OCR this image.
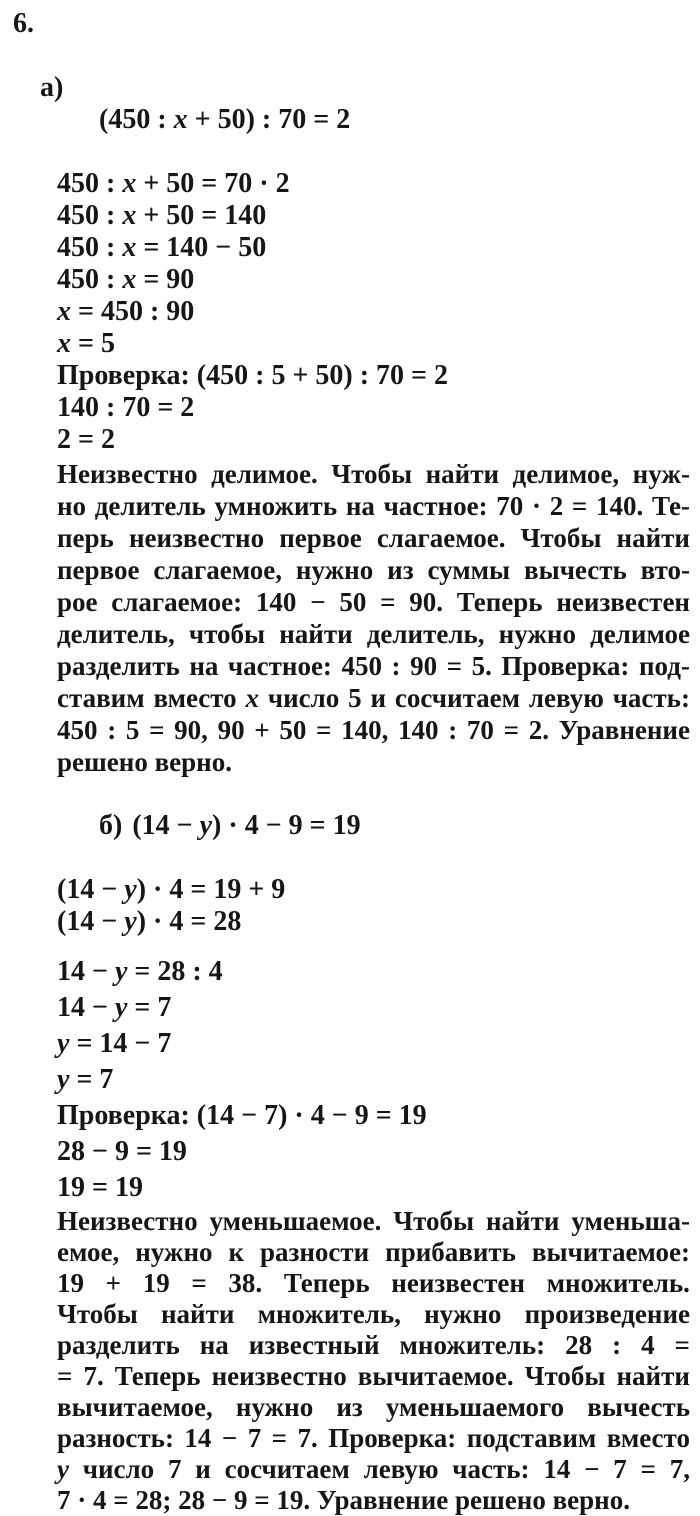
6.

а)

(450 : x + 50) : 70 = 2

450 : x + 50 = 70 · 2
450 : x + 50 = 140
450 : x = 140 − 50
450 : x = 90
x = 450 : 90
x = 5
Проверка: (450 : 5 + 50) : 70 = 2
140 : 70 = 2
2 = 2
Неизвестно делимое. Чтобы найти делимое, нуж-
но делитель умножить на частное: 70 · 2 = 140. Те-
перь неизвестно первое слагаемое. Чтобы найти
первое слагаемое, нужно из суммы вычесть вто-
рое слагаемое: 140 − 50 = 90. Теперь неизвестен
делитель, чтобы найти делитель, нужно делимое
разделить на частное: 450 : 90 = 5. Проверка: под-
ставим вместо x число 5 и сосчитаем левую часть:
450 : 5 = 90, 90 + 50 = 140, 140 : 70 = 2. Уравнение
решено верно.

б) (14 − y) · 4 − 9 = 19

(14 − y) · 4 = 19 + 9
(14 − y) · 4 = 28
14 − y = 28 : 4
14 − y = 7
y = 14 − 7
y = 7
Проверка: (14 − 7) · 4 − 9 = 19
28 − 9 = 19
19 = 19
Неизвестно уменьшаемое. Чтобы найти уменьша-
емое, нужно к разности прибавить вычитаемое:
19 + 19 = 38. Теперь неизвестен множитель.
Чтобы найти множитель, нужно произведение
разделить на известный множитель: 28 : 4 =
= 7. Теперь неизвестно вычитаемое. Чтобы найти
вычитаемое, нужно из уменьшаемого вычесть
разность: 14 − 7 = 7. Проверка: подставим вместо
y число 7 и сосчитаем левую часть: 14 − 7 = 7,
7 · 4 = 28; 28 − 9 = 19. Уравнение решено верно.
